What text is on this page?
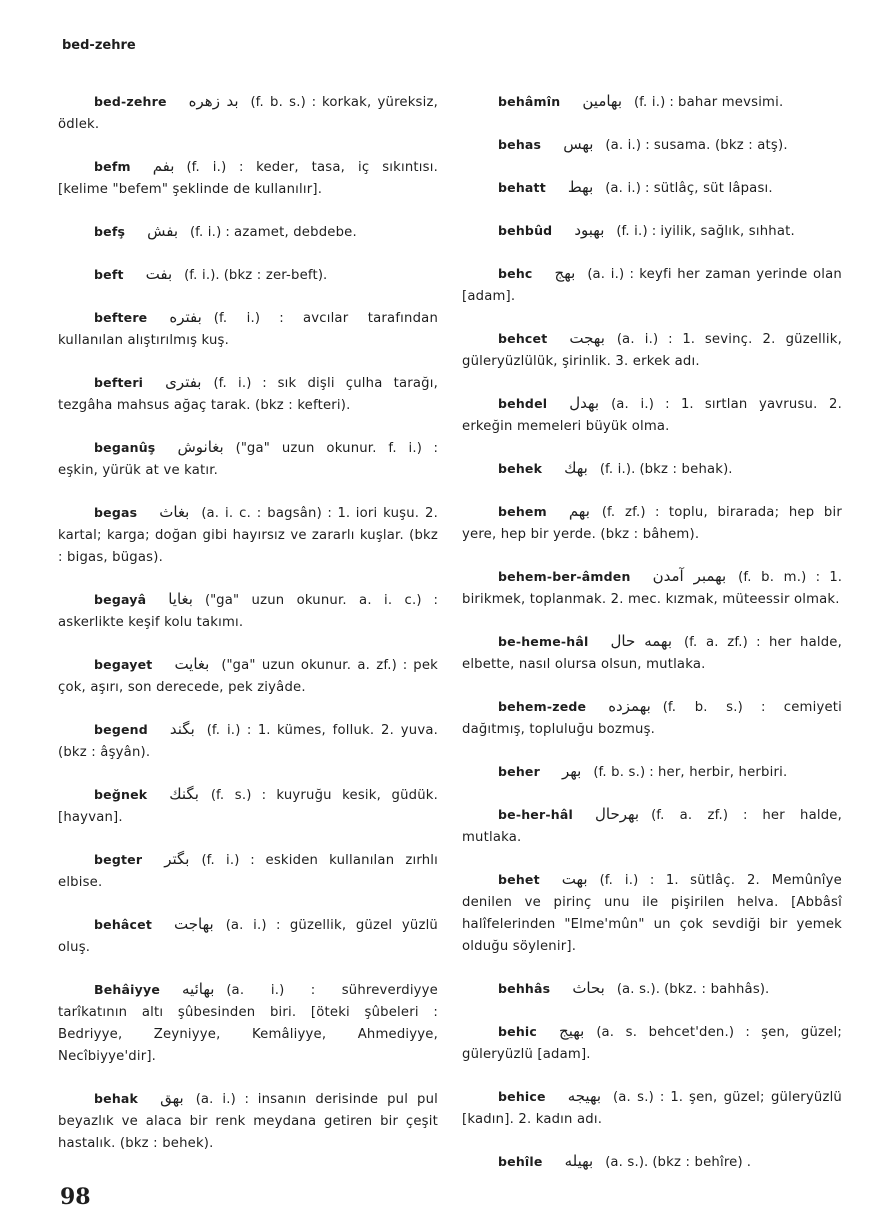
bed-zehre
bed-zehre بد زهره (f. b. s.) : korkak, yüreksiz, ödlek.
befm بفم (f. i.) : keder, tasa, iç sıkıntısı. [kelime "befem" şeklinde de kullanılır].
befş بفش (f. i.) : azamet, debdebe.
beft بفت (f. i.). (bkz : zer-beft).
beftere بفتره (f. i.) : avcılar tarafından kullanılan alıştırılmış kuş.
befteri بفتری (f. i.) : sık dişli çulha tarağı, tezgâha mahsus ağaç tarak. (bkz : kefteri).
beganûş بغانوش ("ga" uzun okunur. f. i.) : eşkin, yürük at ve katır.
begas بغاث (a. i. c. : bagsân) : 1. iori kuşu. 2. kartal; karga; doğan gibi hayırsız ve zararlı kuşlar. (bkz : bigas, bügas).
begayâ بغایا ("ga" uzun okunur. a. i. c.) : askerlikte keşif kolu takımı.
begayet بغایت ("ga" uzun okunur. a. zf.) : pek çok, aşırı, son derecede, pek ziyâde.
begend بگند (f. i.) : 1. kümes, folluk. 2. yuva. (bkz : âşyân).
beğnek بگنك (f. s.) : kuyruğu kesik, güdük. [hayvan].
begter بگتر (f. i.) : eskiden kullanılan zırhlı elbise.
behâcet بهاجت (a. i.) : güzellik, güzel yüzlü oluş.
Behâiyye بهائیه (a. i.) : sühreverdiyye tarîkatının altı şûbesinden biri. [öteki şûbeleri : Bedriyye, Zeyniyye, Kemâliyye, Ahmediyye, Necîbiyye'dir].
behak بهق (a. i.) : insanın derisinde pul pul beyazlık ve alaca bir renk meydana getiren bir çeşit hastalık. (bkz : behek).
behâmîn بهامین (f. i.) : bahar mevsimi.
behas بهس (a. i.) : susama. (bkz : atş).
behatt بهط (a. i.) : sütlâç, süt lâpası.
behbûd بهبود (f. i.) : iyilik, sağlık, sıhhat.
behc بهج (a. i.) : keyfi her zaman yerinde olan [adam].
behcet بهجت (a. i.) : 1. sevinç. 2. güzellik, güleryüzlülük, şirinlik. 3. erkek adı.
behdel بهدل (a. i.) : 1. sırtlan yavrusu. 2. erkeğin memeleri büyük olma.
behek بهك (f. i.). (bkz : behak).
behem بهم (f. zf.) : toplu, birarada; hep bir yere, hep bir yerde. (bkz : bâhem).
behem-ber-âmden بهمبر آمدن (f. b. m.) : 1. birikmek, toplanmak. 2. mec. kızmak, müteessir olmak.
be-heme-hâl بهمه حال (f. a. zf.) : her halde, elbette, nasıl olursa olsun, mutlaka.
behem-zede بهمزده (f. b. s.) : cemiyeti dağıtmış, topluluğu bozmuş.
beher بهر (f. b. s.) : her, herbir, herbiri.
be-her-hâl بهرحال (f. a. zf.) : her halde, mutlaka.
behet بهت (f. i.) : 1. sütlâç. 2. Memûnîye denilen ve pirinç unu ile pişirilen helva. [Abbâsî halîfelerinden "Elme'mûn" un çok sevdiği bir yemek olduğu söylenir].
behhâs بحاث (a. s.). (bkz. : bahhâs).
behic بهیج (a. s. behcet'den.) : şen, güzel; güleryüzlü [adam].
behice بهیجه (a. s.) : 1. şen, güzel; güleryüzlü [kadın]. 2. kadın adı.
behîle بهیله (a. s.). (bkz : behîre) .
98
